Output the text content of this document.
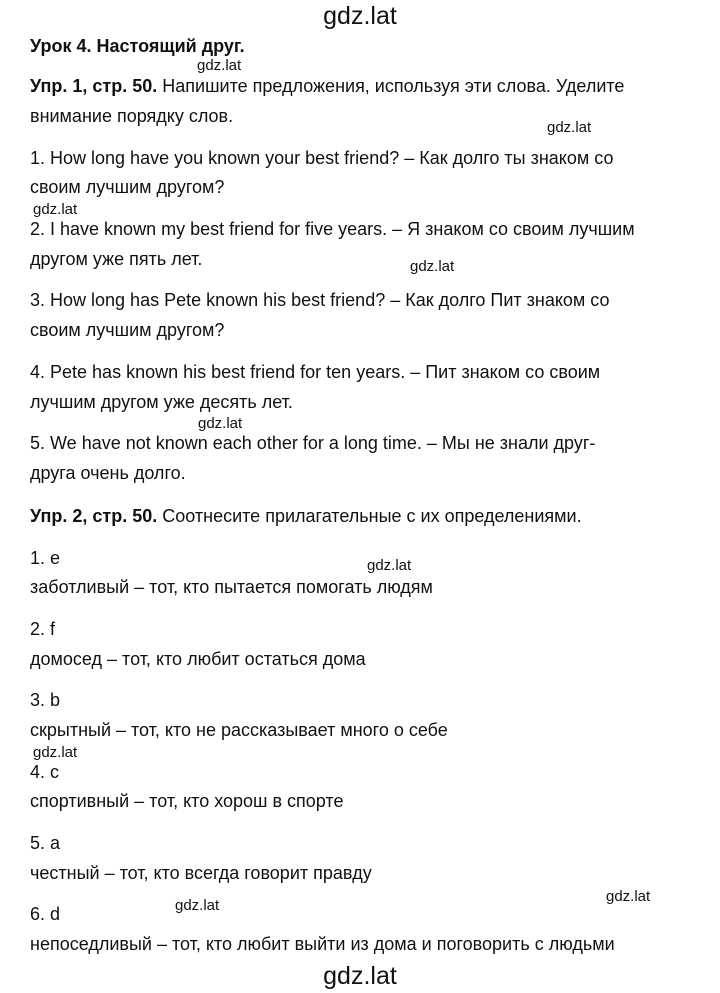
gdz.lat
Урок 4. Настоящий друг.
Упр. 1, стр. 50. Напишите предложения, используя эти слова. Уделите
внимание порядку слов.
1. How long have you known your best friend? – Как долго ты знаком со
своим лучшим другом?
2. I have known my best friend for five years. – Я знаком со своим лучшим
другом уже пять лет.
3. How long has Pete known his best friend? – Как долго Пит знаком со
своим лучшим другом?
4. Pete has known his best friend for ten years. – Пит знаком со своим
лучшим другом уже десять лет.
5. We have not known each other for a long time. – Мы не знали друг-
друга очень долго.
Упр. 2, стр. 50. Соотнесите прилагательные с их определениями.
1. e
заботливый – тот, кто пытается помогать людям
2. f
домосед – тот, кто любит остаться дома
3. b
скрытный – тот, кто не рассказывает много о себе
4. c
спортивный – тот, кто хорош в спорте
5. a
честный – тот, кто всегда говорит правду
6. d
непоседливый – тот, кто любит выйти из дома и поговорить с людьми
gdz.lat
gdz.lat
gdz.lat
gdz.lat
gdz.lat
gdz.lat
gdz.lat
gdz.lat
gdz.lat
gdz.lat
